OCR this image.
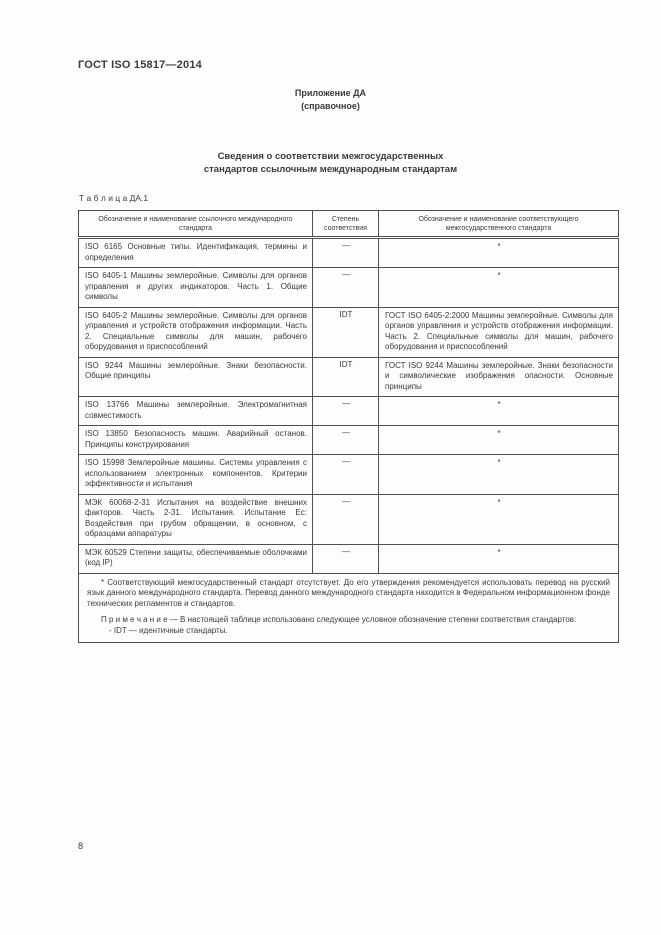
ГОСТ ISO 15817—2014
Приложение ДА
(справочное)
Сведения о соответствии межгосударственных
стандартов ссылочным международным стандартам
Т а б л и ц а ДА.1
Обозначение и наименование ссылочного международного стандарта	Степень соответствия	Обозначение и наименование соответствующего межгосударственного стандарта
ISO 6165 Основные типы. Идентификация, термины и определения	—	*
ISO 6405-1 Машины землеройные. Символы для органов управления и других индикаторов. Часть 1. Общие символы	—	*
ISO 6405-2 Машины землеройные. Символы для органов управления и устройств отображения информации. Часть 2. Специальные символы для машин, рабочего оборудования и приспособлений	IDT	ГОСТ ISO 6405-2:2000 Машины землеройные. Символы для органов управления и устройств отображения информации. Часть 2. Специальные символы для машин, рабочего оборудования и приспособлений
ISO 9244 Машины землеройные. Знаки безопасности. Общие принципы	IDT	ГОСТ ISO 9244 Машины землеройные. Знаки безопасности и символические изображения опасности. Основные принципы
ISO 13766 Машины землеройные. Электромагнитная совместимость	—	*
ISO 13850 Безопасность машин. Аварийный останов. Принципы конструирования	—	*
ISO 15998 Землеройные машины. Системы управления с использованием электронных компонентов. Критерии эффективности и испытания	—	*
МЭК 60068-2-31 Испытания на воздействие внешних факторов. Часть 2-31. Испытания. Испытание Ec: Воздействия при грубом обращении, в основном, с образцами аппаратуры	—	*
МЭК 60529 Степени защиты, обеспечиваемые оболочками (код IP)	—	*

* Соответствующий межгосударственный стандарт отсутствует. До его утверждения рекомендуется использовать перевод на русский язык данного международного стандарта. Перевод данного международного стандарта находится в Федеральном информационном фонде технических регламентов и стандартов.

П р и м е ч а н и е — В настоящей таблице использовано следующее условное обозначение степени соответствия стандартов:

- IDT — идентичные стандарты.		

8
